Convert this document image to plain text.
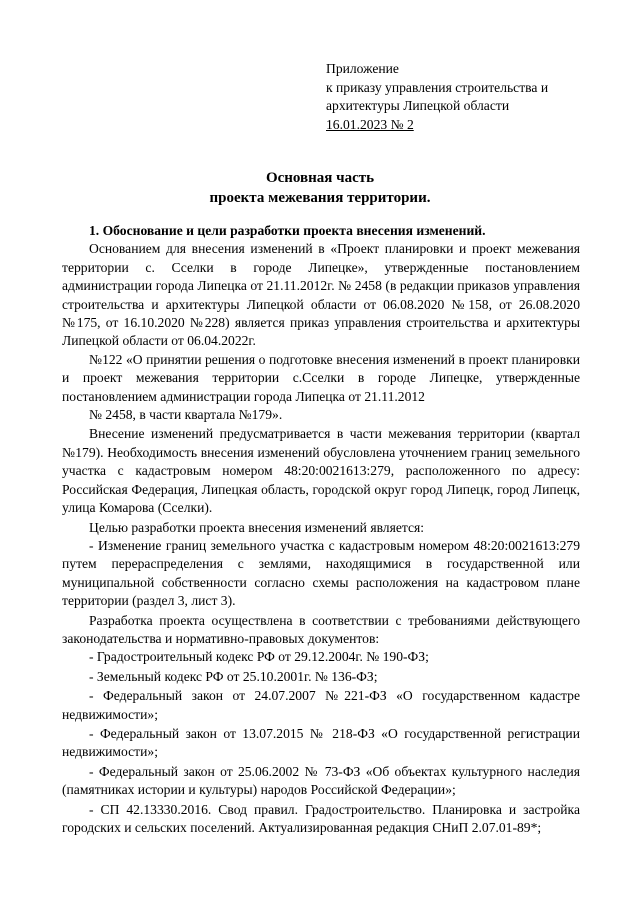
Приложение
к приказу управления строительства и
архитектуры Липецкой области
16.01.2023 № 2
Основная часть
проекта межевания территории.

1. Обоснование и цели разработки проекта внесения изменений.

Основанием для внесения изменений в «Проект планировки и проект межевания территории с. Сселки в городе Липецке», утвержденные постановлением администрации города Липецка от 21.11.2012г. № 2458 (в редакции приказов управления строительства и архитектуры Липецкой области от 06.08.2020 №158, от 26.08.2020 №175, от 16.10.2020 №228) является приказ управления строительства и архитектуры Липецкой области от 06.04.2022г.

№122 «О принятии решения о подготовке внесения изменений в проект планировки и проект межевания территории с.Сселки в городе Липецке, утвержденные постановлением администрации города Липецка от 21.11.2012

№ 2458, в части квартала №179».

Внесение изменений предусматривается в части межевания территории (квартал №179). Необходимость внесения изменений обусловлена уточнением границ земельного участка с кадастровым номером 48:20:0021613:279, расположенного по адресу: Российская Федерация, Липецкая область, городской округ город Липецк, город Липецк, улица Комарова (Сселки).

Целью разработки проекта внесения изменений является:

- Изменение границ земельного участка с кадастровым номером 48:20:0021613:279 путем перераспределения с землями, находящимися в государственной или муниципальной собственности согласно схемы расположения на кадастровом плане территории (раздел 3, лист 3).

Разработка проекта осуществлена в соответствии с требованиями действующего законодательства и нормативно-правовых документов:

- Градостроительный кодекс РФ от 29.12.2004г. № 190-ФЗ;

- Земельный кодекс РФ от 25.10.2001г. № 136-ФЗ;

- Федеральный закон от 24.07.2007 №221-ФЗ «О государственном кадастре недвижимости»;

- Федеральный закон от 13.07.2015 № 218-ФЗ «О государственной регистрации недвижимости»;

- Федеральный закон от 25.06.2002 № 73-ФЗ «Об объектах культурного наследия (памятниках истории и культуры) народов Российской Федерации»;

- СП 42.13330.2016. Свод правил. Градостроительство. Планировка и застройка городских и сельских поселений. Актуализированная редакция СНиП 2.07.01-89*;
